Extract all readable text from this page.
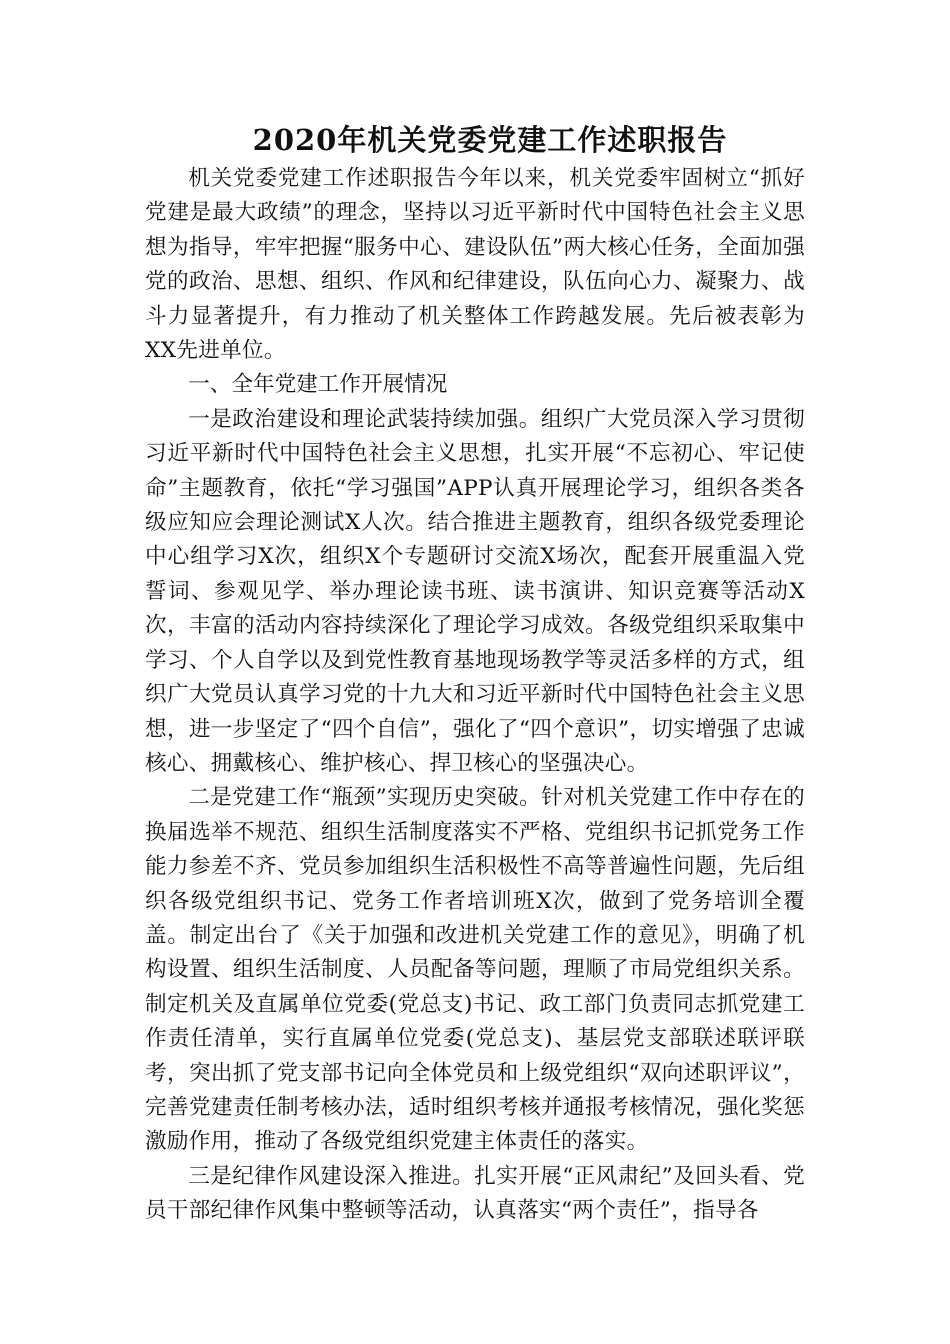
2020年机关党委党建工作述职报告

机关党委党建工作述职报告今年以来，机关党委牢固树立“抓好党建是最大政绩”的理念，坚持以习近平新时代中国特色社会主义思想为指导，牢牢把握“服务中心、建设队伍”两大核心任务，全面加强党的政治、思想、组织、作风和纪律建设，队伍向心力、凝聚力、战斗力显著提升，有力推动了机关整体工作跨越发展。先后被表彰为XX先进单位。

一、全年党建工作开展情况

一是政治建设和理论武装持续加强。组织广大党员深入学习贯彻习近平新时代中国特色社会主义思想，扎实开展“不忘初心、牢记使命”主题教育，依托“学习强国”APP认真开展理论学习，组织各类各级应知应会理论测试X人次。结合推进主题教育，组织各级党委理论中心组学习X次，组织X个专题研讨交流X场次，配套开展重温入党誓词、参观见学、举办理论读书班、读书演讲、知识竞赛等活动X次，丰富的活动内容持续深化了理论学习成效。各级党组织采取集中学习、个人自学以及到党性教育基地现场教学等灵活多样的方式，组织广大党员认真学习党的十九大和习近平新时代中国特色社会主义思想，进一步坚定了“四个自信”，强化了“四个意识”，切实增强了忠诚核心、拥戴核心、维护核心、捍卫核心的坚强决心。

二是党建工作“瓶颈”实现历史突破。针对机关党建工作中存在的换届选举不规范、组织生活制度落实不严格、党组织书记抓党务工作能力参差不齐、党员参加组织生活积极性不高等普遍性问题，先后组织各级党组织书记、党务工作者培训班X次，做到了党务培训全覆盖。制定出台了《关于加强和改进机关党建工作的意见》，明确了机构设置、组织生活制度、人员配备等问题，理顺了市局党组织关系。制定机关及直属单位党委(党总支)书记、政工部门负责同志抓党建工作责任清单，实行直属单位党委(党总支)、基层党支部联述联评联考，突出抓了党支部书记向全体党员和上级党组织“双向述职评议”，完善党建责任制考核办法，适时组织考核并通报考核情况，强化奖惩激励作用，推动了各级党组织党建主体责任的落实。

三是纪律作风建设深入推进。扎实开展“正风肃纪”及回头看、党员干部纪律作风集中整顿等活动，认真落实“两个责任”，指导各
